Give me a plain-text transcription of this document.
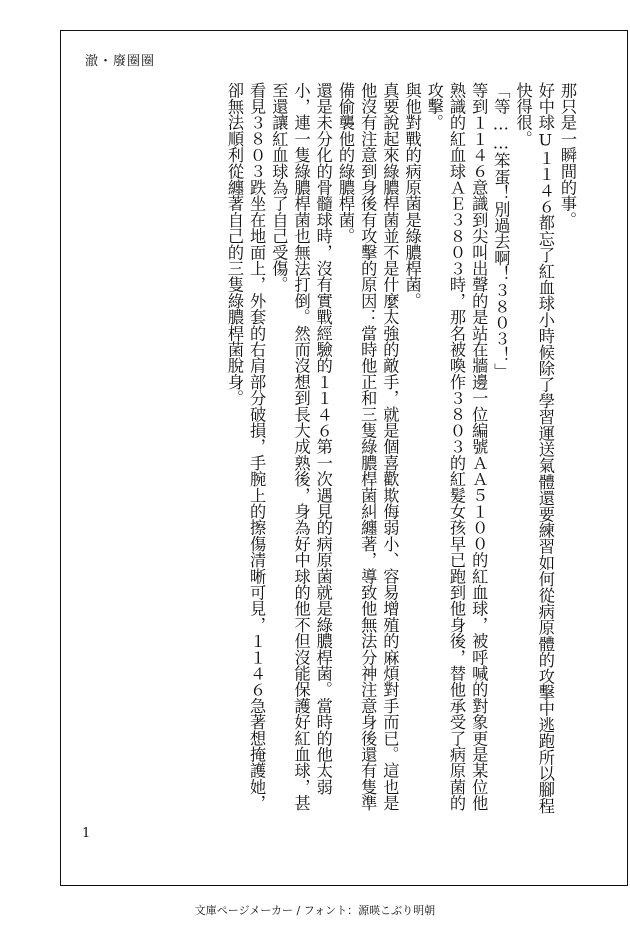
澈・廢圈圈

那只是一瞬間的事。

好中球U１１４６都忘了紅血球小時候除了學習運送氣體還要練習如何從病原體的攻擊中逃跑所以腳程快得很。

「等……笨蛋！別過去啊！３８０３！」

等到１１４６意識到尖叫出聲的是站在牆邊一位編號ＡＡ５１００的紅血球，被呼喊的對象更是某位他熟識的紅血球ＡＥ３８０３時，那名被喚作３８０３的紅髮女孩早已跑到他身後，替他承受了病原菌的攻擊。

與他對戰的病原菌是綠膿桿菌。

真要說起來綠膿桿菌並不是什麼太強的敵手，就是個喜歡欺侮弱小、容易增殖的麻煩對手而已。這也是他沒有注意到身後有攻擊的原因：當時他正和三隻綠膿桿菌糾纏著，導致他無法分神注意身後還有隻準備偷襲他的綠膿桿菌。

還是未分化的骨髓球時，沒有實戰經驗的１１４６第一次遇見的病原菌就是綠膿桿菌。當時的他太弱小，連一隻綠膿桿菌也無法打倒。然而沒想到長大成熟後，身為好中球的他不但沒能保護好紅血球，甚至還讓紅血球為了自己受傷。

看見３８０３跌坐在地面上，外套的右肩部分破損，手腕上的擦傷清晰可見，１１４６急著想掩護她，卻無法順利從纏著自己的三隻綠膿桿菌脫身。

1
文庫ページメーカー / フォント：源暎こぶり明朝
